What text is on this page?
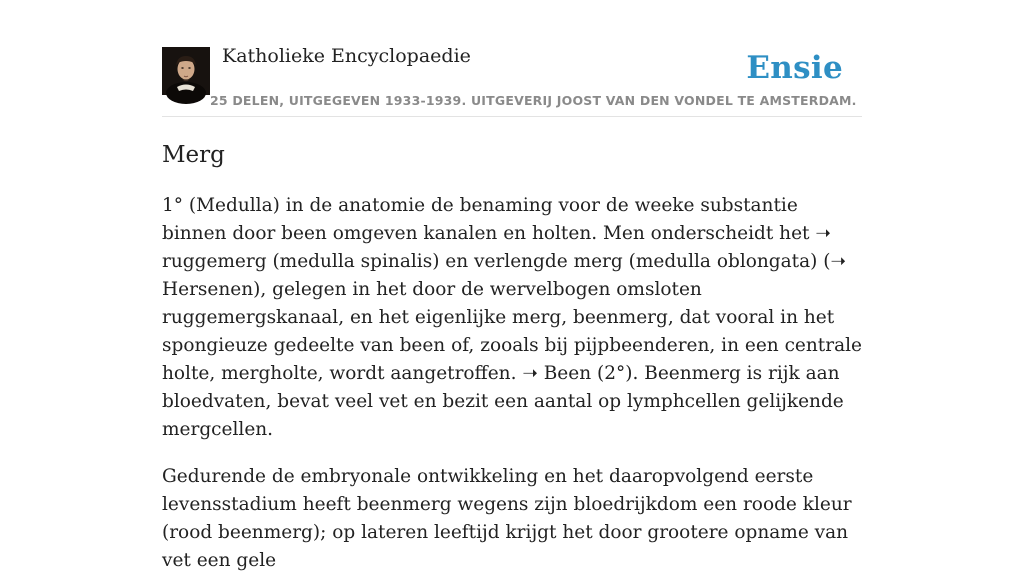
Katholieke Encyclopaedie
25 DELEN, UITGEGEVEN 1933-1939. UITGEVERIJ JOOST VAN DEN VONDEL TE AMSTERDAM.
Ensie
Merg

1° (Medulla) in de anatomie de benaming voor de weeke substantie binnen door been omgeven kanalen en holten. Men onderscheidt het ➝ ruggemerg (medulla spinalis) en verlengde merg (medulla oblongata) (➝ Hersenen), gelegen in het door de wervelbogen omsloten ruggemergskanaal, en het eigenlijke merg, beenmerg, dat vooral in het spongieuze gedeelte van been of, zooals bij pijpbeenderen, in een centrale holte, mergholte, wordt aangetroffen. ➝ Been (2°). Beenmerg is rijk aan bloedvaten, bevat veel vet en bezit een aantal op lymphcellen gelijkende mergcellen.

Gedurende de embryonale ontwikkeling en het daaropvolgend eerste levensstadium heeft beenmerg wegens zijn bloedrijkdom een roode kleur (rood beenmerg); op lateren leeftijd krijgt het door grootere opname van vet een gele
